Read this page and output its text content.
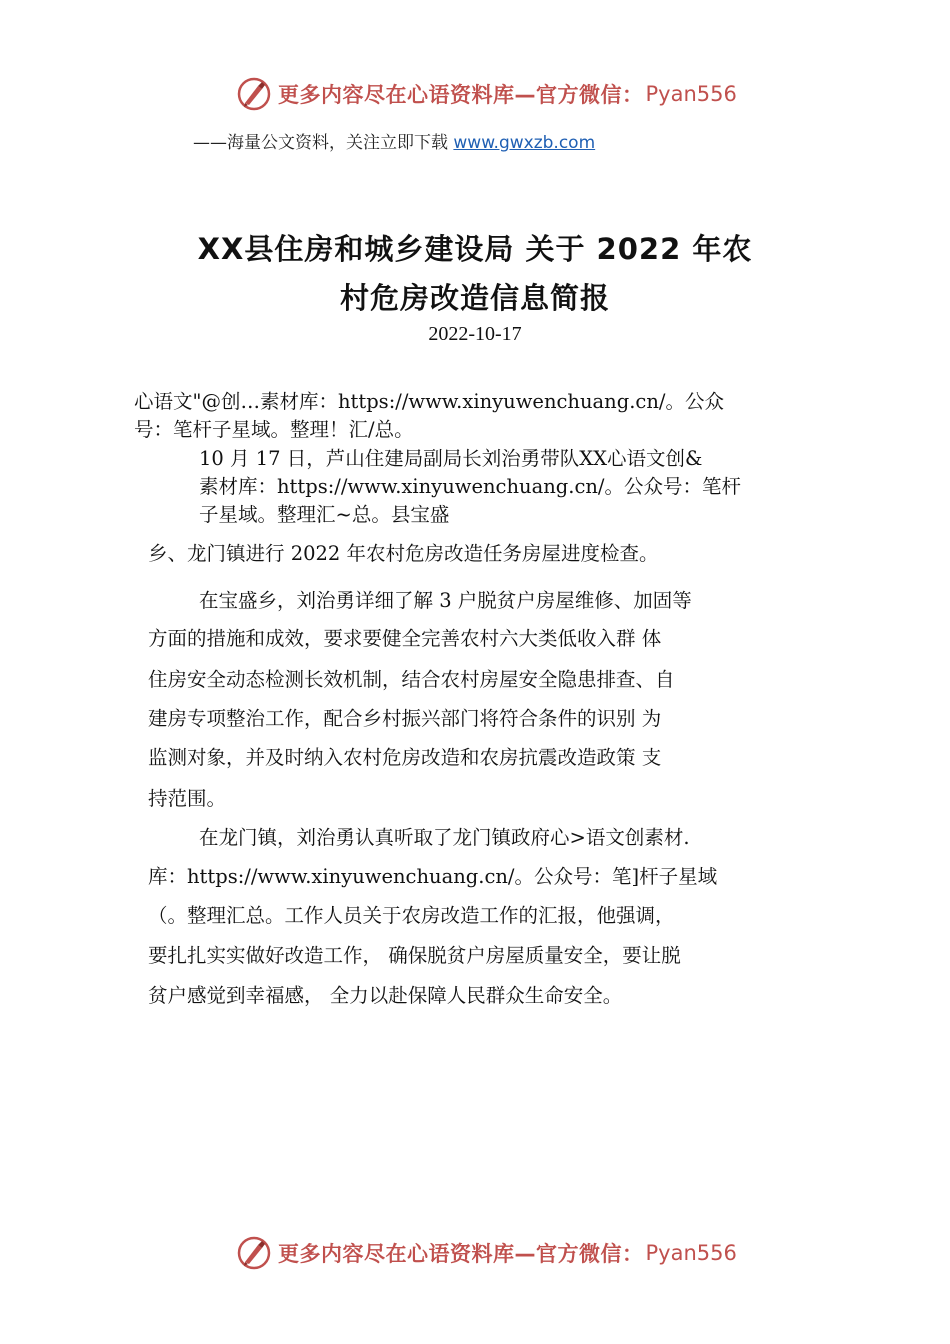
更多内容尽在心语资料库—官方微信： Pyan556
——海量公文资料，关注立即下载 www.gwxzb.com
XX县住房和城乡建设局 关于 2022 年农
村危房改造信息简报
2022-10-17
心语文"@创…素材库：https://www.xinyuwenchuang.cn/。公众
号：笔杆子星域。整理！汇/总。
10 月 17 日，芦山住建局副局长刘治勇带队XX心语文创&
素材库：https://www.xinyuwenchuang.cn/。公众号：笔杆
子星域。整理汇~总。县宝盛
乡、龙门镇进行 2022 年农村危房改造任务房屋进度检查。
在宝盛乡，刘治勇详细了解 3 户脱贫户房屋维修、加固等
方面的措施和成效，要求要健全完善农村六大类低收入群 体
住房安全动态检测长效机制，结合农村房屋安全隐患排查、自
建房专项整治工作，配合乡村振兴部门将符合条件的识别 为
监测对象，并及时纳入农村危房改造和农房抗震改造政策 支
持范围。
在龙门镇，刘治勇认真听取了龙门镇政府心>语文创素材.
库：https://www.xinyuwenchuang.cn/。公众号：笔]杆子星域
（。整理汇总。工作人员关于农房改造工作的汇报，他强调，
要扎扎实实做好改造工作， 确保脱贫户房屋质量安全，要让脱
贫户感觉到幸福感， 全力以赴保障人民群众生命安全。
更多内容尽在心语资料库—官方微信： Pyan556
